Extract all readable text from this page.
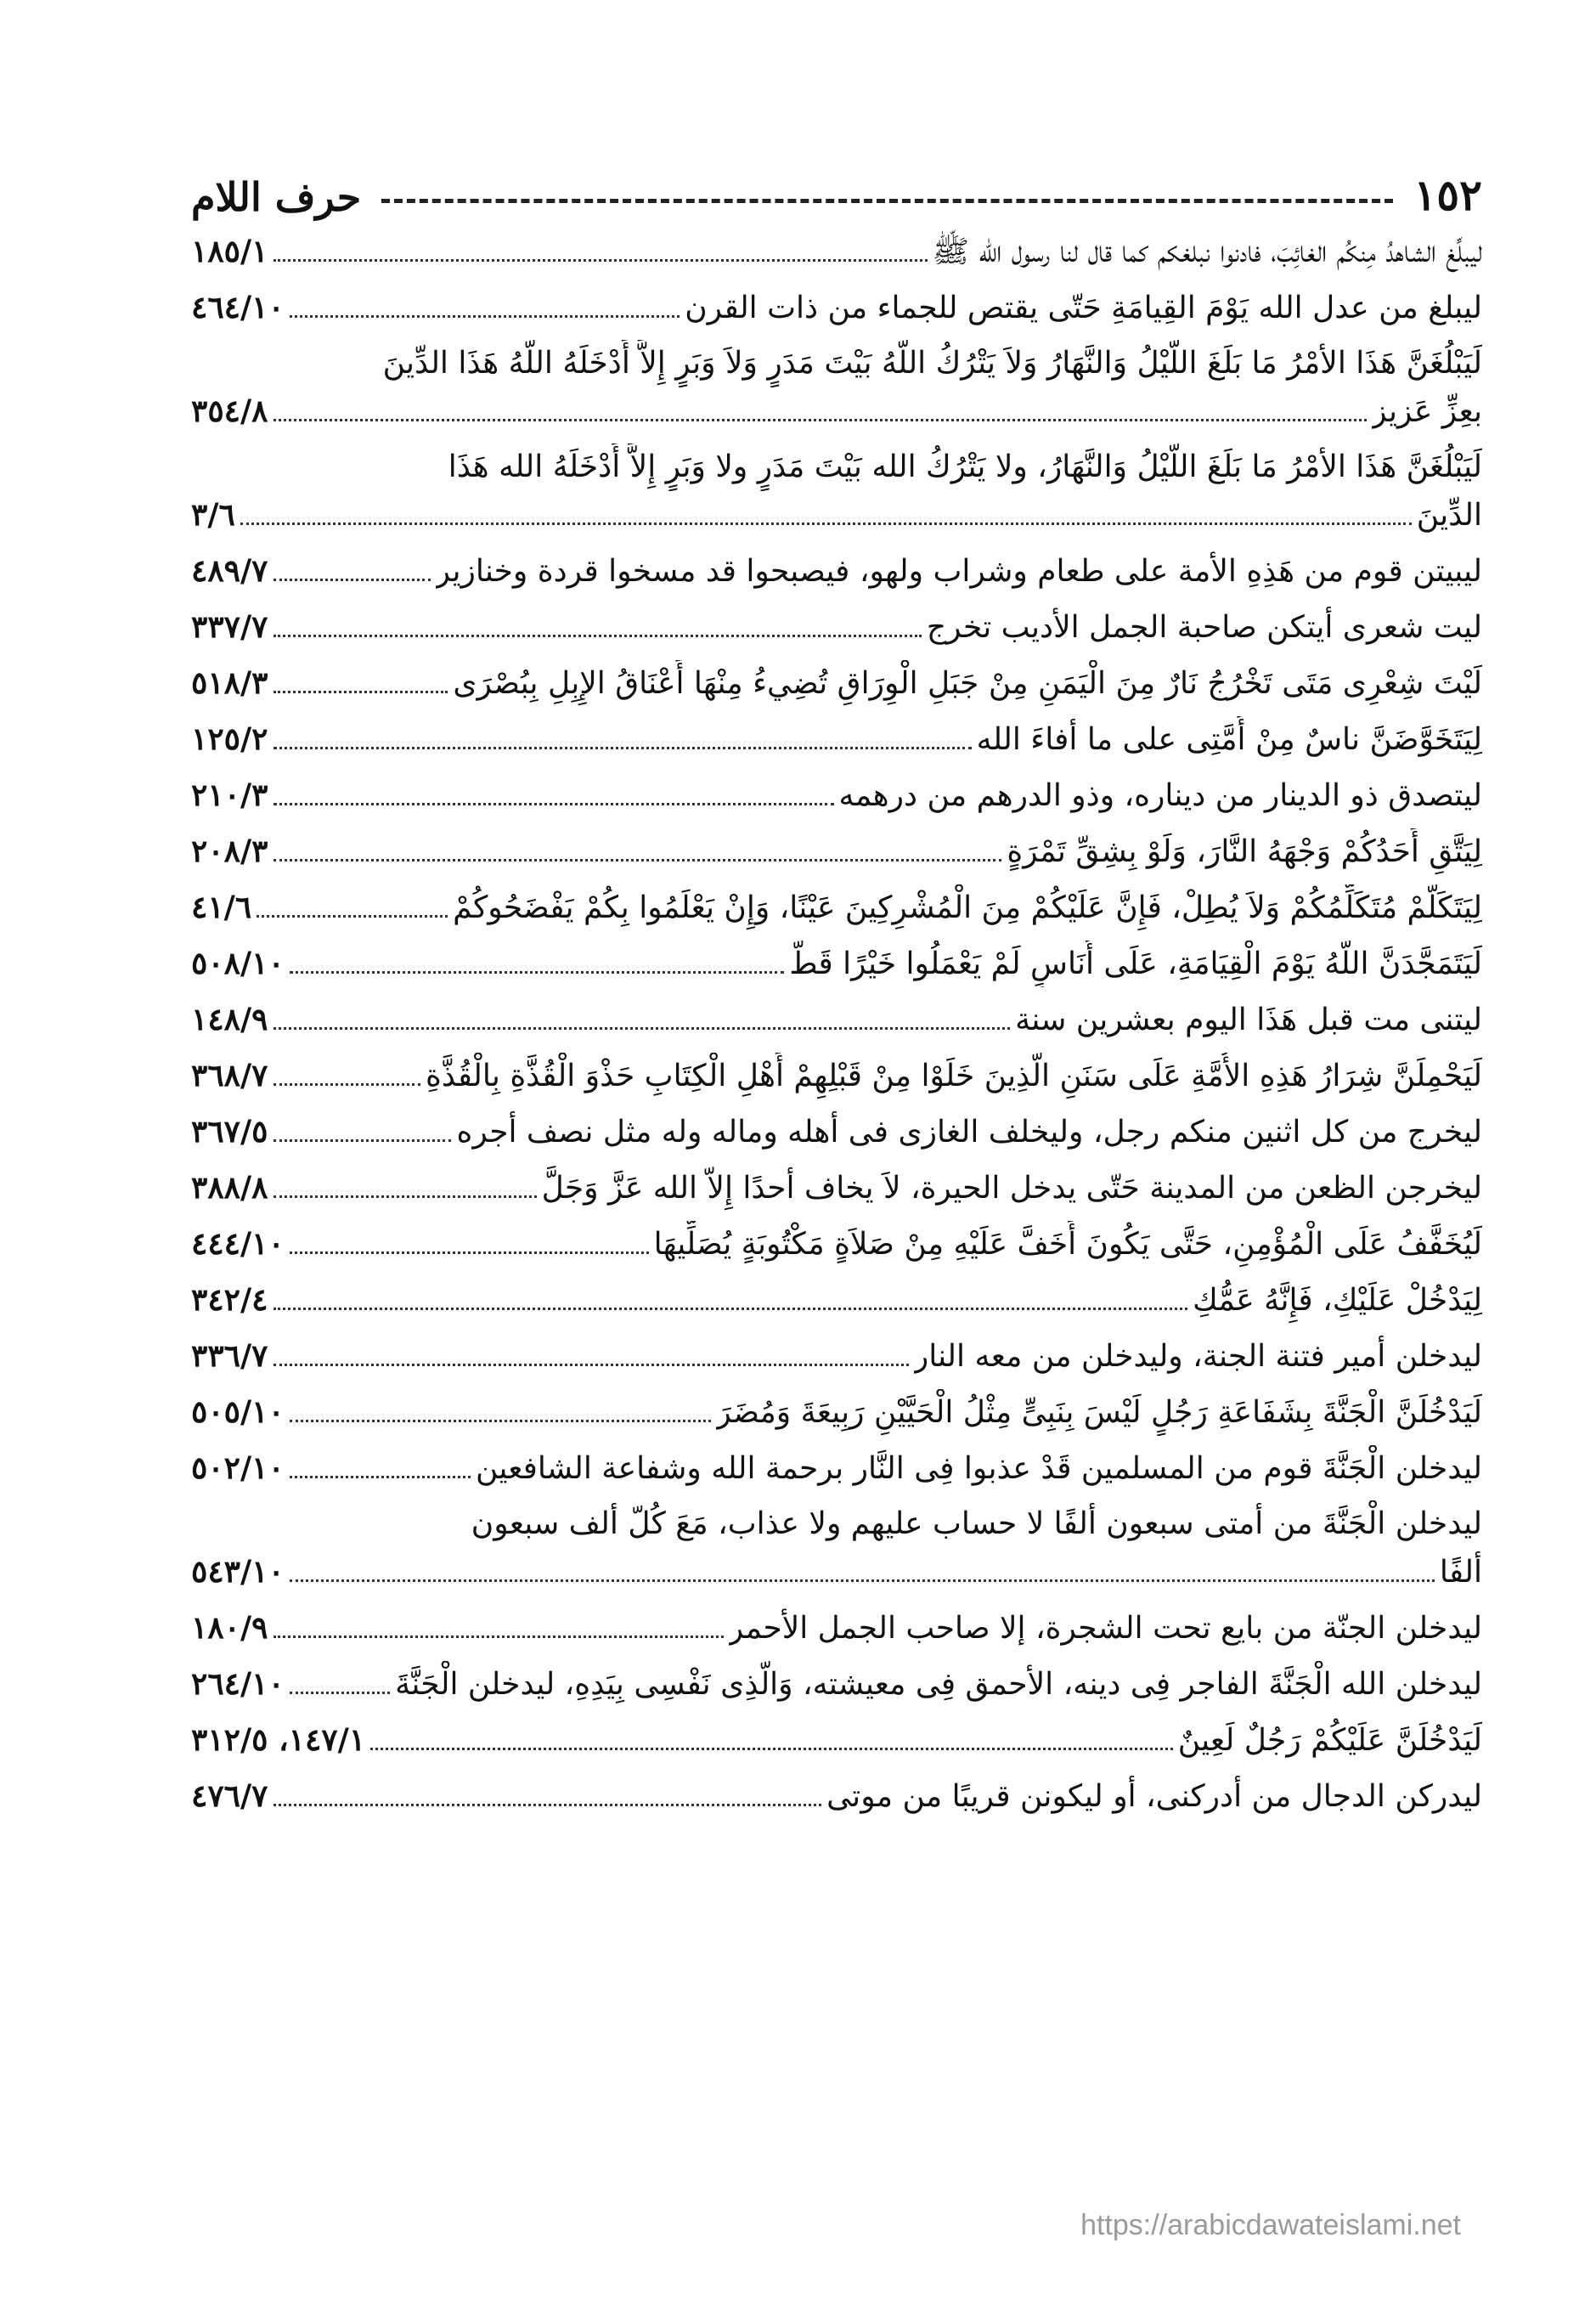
١٥٢
حرف اللام
ليبلِّغ الشاهدُ مِنكُم الغائِبَ، فادنوا نبلغكم كما قال لنا رسول الله ﷺ
١٨٥/١
ليبلغ من عدل الله يَوْمَ القِيامَةِ حَتّى يقتص للجماء من ذات القرن
٤٦٤/١٠
لَيَبْلُغَنَّ هَذَا الأمْرُ مَا بَلَغَ اللَّيْلُ وَالنَّهَارُ وَلاَ يَتْرُكُ اللَّهُ بَيْتَ مَدَرٍ وَلاَ وَبَرٍ إِلاَّ أَدْخَلَهُ اللَّهُ هَذَا الدِّينَ
بعِزِّ عَزيز
٣٥٤/٨
لَيَبْلُغَنَّ هَذَا الأمْرُ مَا بَلَغَ اللَّيْلُ وَالنَّهَارُ، ولا يَتْرُكُ الله بَيْتَ مَدَرٍ ولا وَبَرٍ إِلاَّ أَدْخَلَهُ الله هَذَا
الدِّينَ
٣/٦
ليبيتن قوم من هَذِهِ الأمة على طعام وشراب ولهو، فيصبحوا قد مسخوا قردة وخنازير
٤٨٩/٧
ليت شعرى أيتكن صاحبة الجمل الأديب تخرج
٣٣٧/٧
لَيْتَ شِعْرِى مَتَى تَخْرُجُ نَارٌ مِنَ الْيَمَنِ مِنْ جَبَلِ الْوِرَاقِ تُضِيءُ مِنْهَا أَعْنَاقُ الإِبِلِ بِبُصْرَى
٥١٨/٣
لِيَتَخَوَّضَنَّ ناسٌ مِنْ أُمَّتِى على ما أفاءَ الله
١٢٥/٢
ليتصدق ذو الدينار من ديناره، وذو الدرهم من درهمه
٢١٠/٣
لِيَتَّقِ أَحَدُكُمْ وَجْهَهُ النَّارَ، وَلَوْ بِشِقِّ تَمْرَةٍ
٢٠٨/٣
لِيَتَكَلَّمْ مُتَكَلِّمُكُمْ وَلاَ يُطِلْ، فَإِنَّ عَلَيْكُمْ مِنَ الْمُشْرِكِينَ عَيْنًا، وَإِنْ يَعْلَمُوا بِكُمْ يَفْضَحُوكُمْ
٤١/٦
لَيَتَمَجَّدَنَّ اللَّهُ يَوْمَ الْقِيَامَةِ، عَلَى أُنَاسٍ لَمْ يَعْمَلُوا خَيْرًا قَطُّ
٥٠٨/١٠
ليتنى مت قبل هَذَا اليوم بعشرين سنة
١٤٨/٩
لَيَحْمِلَنَّ شِرَارُ هَذِهِ الأُمَّةِ عَلَى سَنَنِ الَّذِينَ خَلَوْا مِنْ قَبْلِهِمْ أَهْلِ الْكِتَابِ حَذْوَ الْقُذَّةِ بِالْقُذَّةِ
٣٦٨/٧
ليخرج من كل اثنين منكم رجل، وليخلف الغازى فى أهله وماله وله مثل نصف أجره
٣٦٧/٥
ليخرجن الظعن من المدينة حَتّى يدخل الحيرة، لاَ يخاف أحدًا إِلاّ الله عَزَّ وَجَلَّ
٣٨٨/٨
لَيُخَفَّفُ عَلَى الْمُؤْمِنِ، حَتَّى يَكُونَ أَخَفَّ عَلَيْهِ مِنْ صَلاَةٍ مَكْتُوبَةٍ يُصَلِّيهَا
٤٤٤/١٠
لِيَدْخُلْ عَلَيْكِ، فَإِنَّهُ عَمُّكِ
٣٤٢/٤
ليدخلن أمير فتنة الجنة، وليدخلن من معه النار
٣٣٦/٧
لَيَدْخُلَنَّ الْجَنَّةَ بِشَفَاعَةِ رَجُلٍ لَيْسَ بِنَبِىٍّ مِثْلُ الْحَيَّيْنِ رَبِيعَةَ وَمُضَرَ
٥٠٥/١٠
ليدخلن الْجَنَّةَ قوم من المسلمين قَدْ عذبوا فِى النَّار برحمة الله وشفاعة الشافعين
٥٠٢/١٠
ليدخلن الْجَنَّةَ من أمتى سبعون ألفًا لا حساب عليهم ولا عذاب، مَعَ كُلّ ألف سبعون
ألفًا
٥٤٣/١٠
ليدخلن الجنّة من بايع تحت الشجرة، إلا صاحب الجمل الأحمر
١٨٠/٩
ليدخلن الله الْجَنَّةَ الفاجر فِى دينه، الأحمق فِى معيشته، وَالَّذِى نَفْسِى بِيَدِهِ، ليدخلن الْجَنَّةَ
٢٦٤/١٠
لَيَدْخُلَنَّ عَلَيْكُمْ رَجُلٌ لَعِينٌ
١٤٧/١، ٣١٢/٥
ليدركن الدجال من أدركنى، أو ليكونن قريبًا من موتى
٤٧٦/٧
https://arabicdawateislami.net
